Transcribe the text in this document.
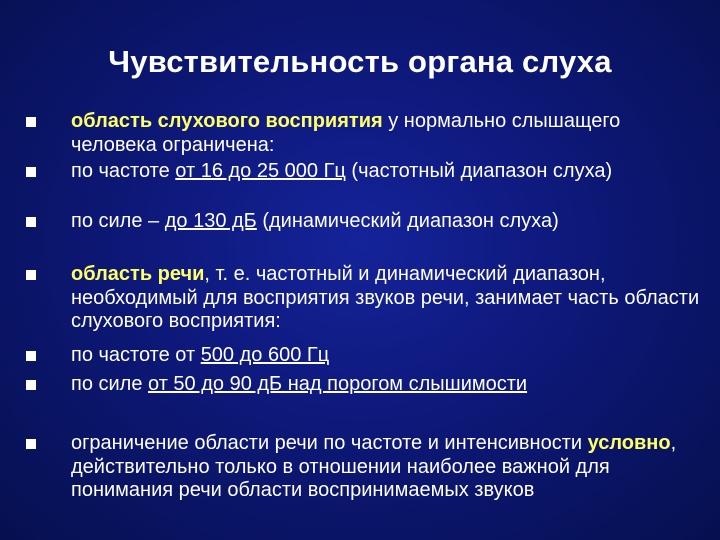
Чувствительность органа слуха
область слухового восприятия у нормально слышащего человека ограничена:
по частоте от 16 до 25 000 Гц (частотный диапазон слуха)
по силе – до 130 дБ (динамический диапазон слуха)
область речи, т. е. частотный и динамический диапазон, необходимый для восприятия звуков речи, занимает часть области слухового восприятия:
по частоте от 500 до 600 Гц
по силе от 50 до 90 дБ над порогом слышимости
ограничение области речи по частоте и интенсивности условно, действительно только в отношении наиболее важной для понимания речи области воспринимаемых звуков
